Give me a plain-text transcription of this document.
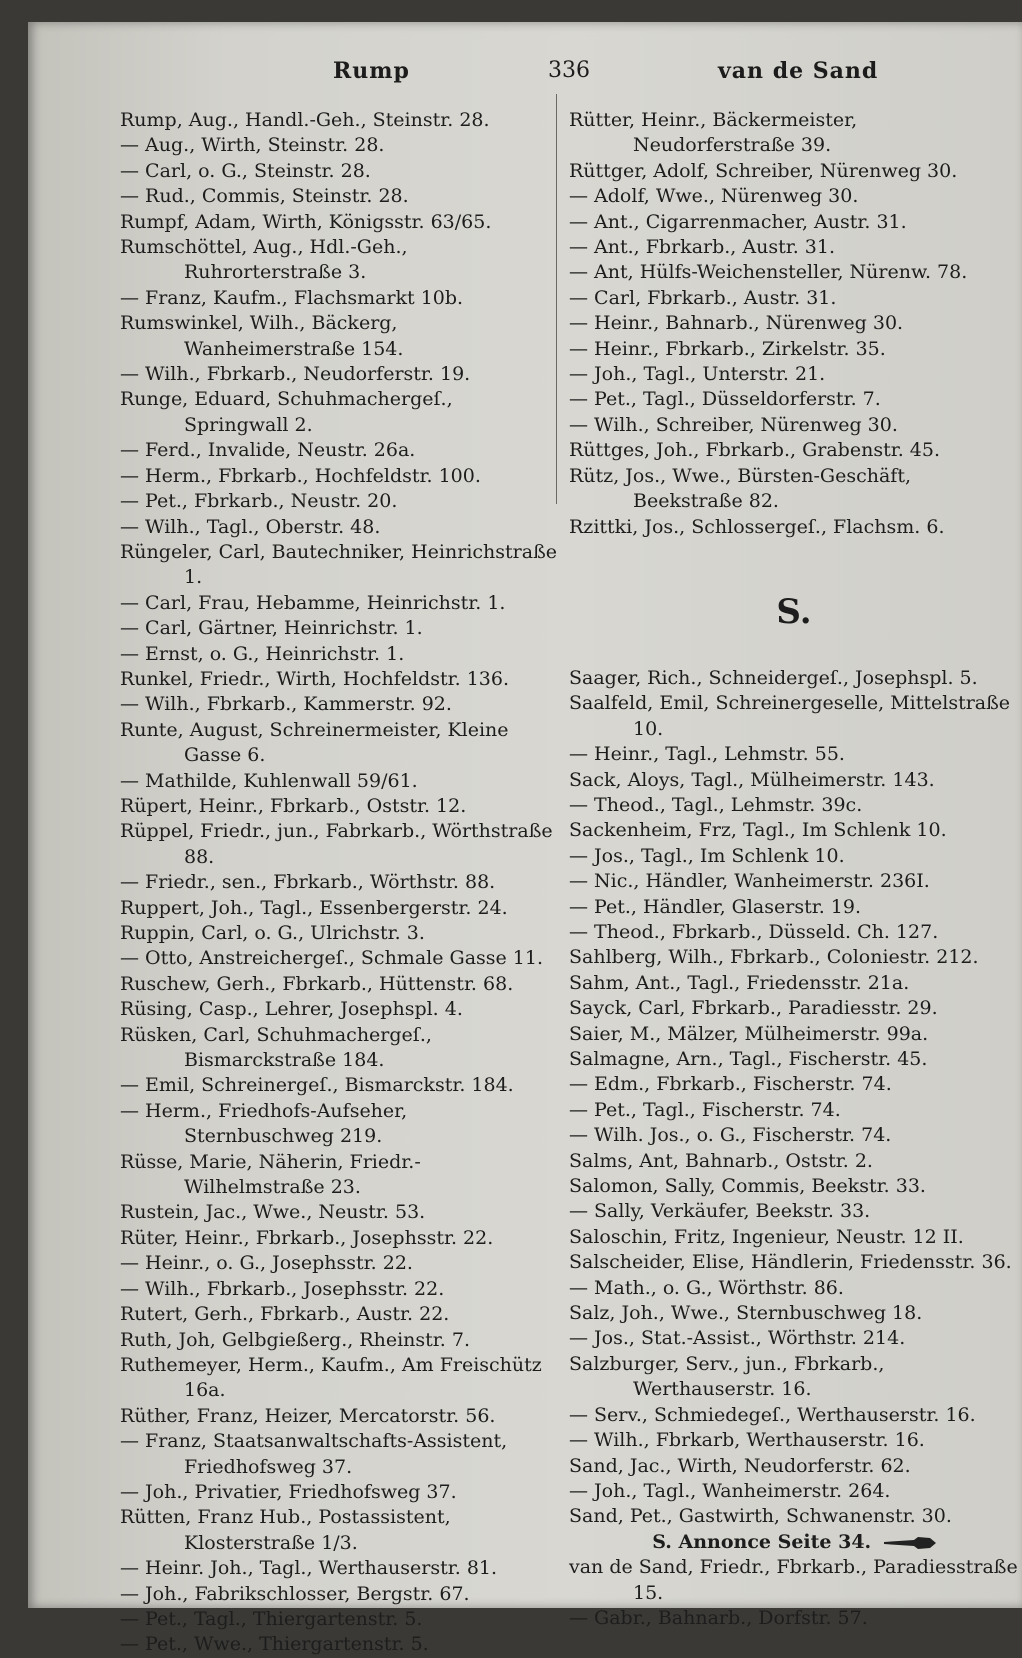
Rump	336	van de Sand
Rump, Aug., Handl.-Geh., Steinstr. 28.
— Aug., Wirth, Steinstr. 28.
— Carl, o. G., Steinstr. 28.
— Rud., Commis, Steinstr. 28.
Rumpf, Adam, Wirth, Königsstr. 63/65.
Rumschöttel, Aug., Hdl.-Geh., Ruhrorterstraße 3.
— Franz, Kaufm., Flachsmarkt 10b.
Rumswinkel, Wilh., Bäckerg, Wanheimerstraße 154.
— Wilh., Fbrkarb., Neudorferstr. 19.
Runge, Eduard, Schuhmachergeſ., Springwall 2.
— Ferd., Invalide, Neustr. 26a.
— Herm., Fbrkarb., Hochfeldstr. 100.
— Pet., Fbrkarb., Neustr. 20.
— Wilh., Tagl., Oberstr. 48.
Rüngeler, Carl, Bautechniker, Heinrichstraße 1.
— Carl, Frau, Hebamme, Heinrichstr. 1.
— Carl, Gärtner, Heinrichstr. 1.
— Ernst, o. G., Heinrichstr. 1.
Runkel, Friedr., Wirth, Hochfeldstr. 136.
— Wilh., Fbrkarb., Kammerstr. 92.
Runte, August, Schreinermeister, Kleine Gasse 6.
— Mathilde, Kuhlenwall 59/61.
Rüpert, Heinr., Fbrkarb., Oststr. 12.
Rüppel, Friedr., jun., Fabrkarb., Wörthstraße 88.
— Friedr., sen., Fbrkarb., Wörthstr. 88.
Ruppert, Joh., Tagl., Essenbergerstr. 24.
Ruppin, Carl, o. G., Ulrichstr. 3.
— Otto, Anstreichergeſ., Schmale Gasse 11.
Ruschew, Gerh., Fbrkarb., Hüttenstr. 68.
Rüsing, Casp., Lehrer, Josephspl. 4.
Rüsken, Carl, Schuhmachergeſ., Bismarckstraße 184.
— Emil, Schreinergeſ., Bismarckstr. 184.
— Herm., Friedhofs-Aufseher, Sternbuschweg 219.
Rüsse, Marie, Näherin, Friedr.-Wilhelmstraße 23.
Rustein, Jac., Wwe., Neustr. 53.
Rüter, Heinr., Fbrkarb., Josephsstr. 22.
— Heinr., o. G., Josephsstr. 22.
— Wilh., Fbrkarb., Josephsstr. 22.
Rutert, Gerh., Fbrkarb., Austr. 22.
Ruth, Joh, Gelbgießerg., Rheinstr. 7.
Ruthemeyer, Herm., Kaufm., Am Freischütz 16a.
Rüther, Franz, Heizer, Mercatorstr. 56.
— Franz, Staatsanwaltschafts-Assistent, Friedhofsweg 37.
— Joh., Privatier, Friedhofsweg 37.
Rütten, Franz Hub., Postassistent, Klosterstraße 1/3.
— Heinr. Joh., Tagl., Werthauserstr. 81.
— Joh., Fabrikschlosser, Bergstr. 67.
— Pet., Tagl., Thiergartenstr. 5.
— Pet., Wwe., Thiergartenstr. 5.
Rütter, Heinr., Bäckermeister, Neudorferstraße 39.
Rüttger, Adolf, Schreiber, Nürenweg 30.
— Adolf, Wwe., Nürenweg 30.
— Ant., Cigarrenmacher, Austr. 31.
— Ant., Fbrkarb., Austr. 31.
— Ant, Hülfs-Weichensteller, Nürenw. 78.
— Carl, Fbrkarb., Austr. 31.
— Heinr., Bahnarb., Nürenweg 30.
— Heinr., Fbrkarb., Zirkelstr. 35.
— Joh., Tagl., Unterstr. 21.
— Pet., Tagl., Düsseldorferstr. 7.
— Wilh., Schreiber, Nürenweg 30.
Rüttges, Joh., Fbrkarb., Grabenstr. 45.
Rütz, Jos., Wwe., Bürsten-Geschäft, Beekstraße 82.
Rzittki, Jos., Schlossergeſ., Flachsm. 6.
S.
Saager, Rich., Schneidergeſ., Josephspl. 5.
Saalfeld, Emil, Schreinergeselle, Mittelstraße 10.
— Heinr., Tagl., Lehmstr. 55.
Sack, Aloys, Tagl., Mülheimerstr. 143.
— Theod., Tagl., Lehmstr. 39c.
Sackenheim, Frz, Tagl., Im Schlenk 10.
— Jos., Tagl., Im Schlenk 10.
— Nic., Händler, Wanheimerstr. 236I.
— Pet., Händler, Glaserstr. 19.
— Theod., Fbrkarb., Düsseld. Ch. 127.
Sahlberg, Wilh., Fbrkarb., Coloniestr. 212.
Sahm, Ant., Tagl., Friedensstr. 21a.
Sayck, Carl, Fbrkarb., Paradiesstr. 29.
Saier, M., Mälzer, Mülheimerstr. 99a.
Salmagne, Arn., Tagl., Fischerstr. 45.
— Edm., Fbrkarb., Fischerstr. 74.
— Pet., Tagl., Fischerstr. 74.
— Wilh. Jos., o. G., Fischerstr. 74.
Salms, Ant, Bahnarb., Oststr. 2.
Salomon, Sally, Commis, Beekstr. 33.
— Sally, Verkäufer, Beekstr. 33.
Saloschin, Fritz, Ingenieur, Neustr. 12 II.
Salscheider, Elise, Händlerin, Friedensstr. 36.
— Math., o. G., Wörthstr. 86.
Salz, Joh., Wwe., Sternbuschweg 18.
— Jos., Stat.-Assist., Wörthstr. 214.
Salzburger, Serv., jun., Fbrkarb., Werthauserstr. 16.
— Serv., Schmiedegeſ., Werthauserstr. 16.
— Wilh., Fbrkarb, Werthauserstr. 16.
Sand, Jac., Wirth, Neudorferstr. 62.
— Joh., Tagl., Wanheimerstr. 264.
Sand, Pet., Gastwirth, Schwanenstr. 30.
S. Annonce Seite 34.
van de Sand, Friedr., Fbrkarb., Paradiesstraße 15.
— Gabr., Bahnarb., Dorfstr. 57.
